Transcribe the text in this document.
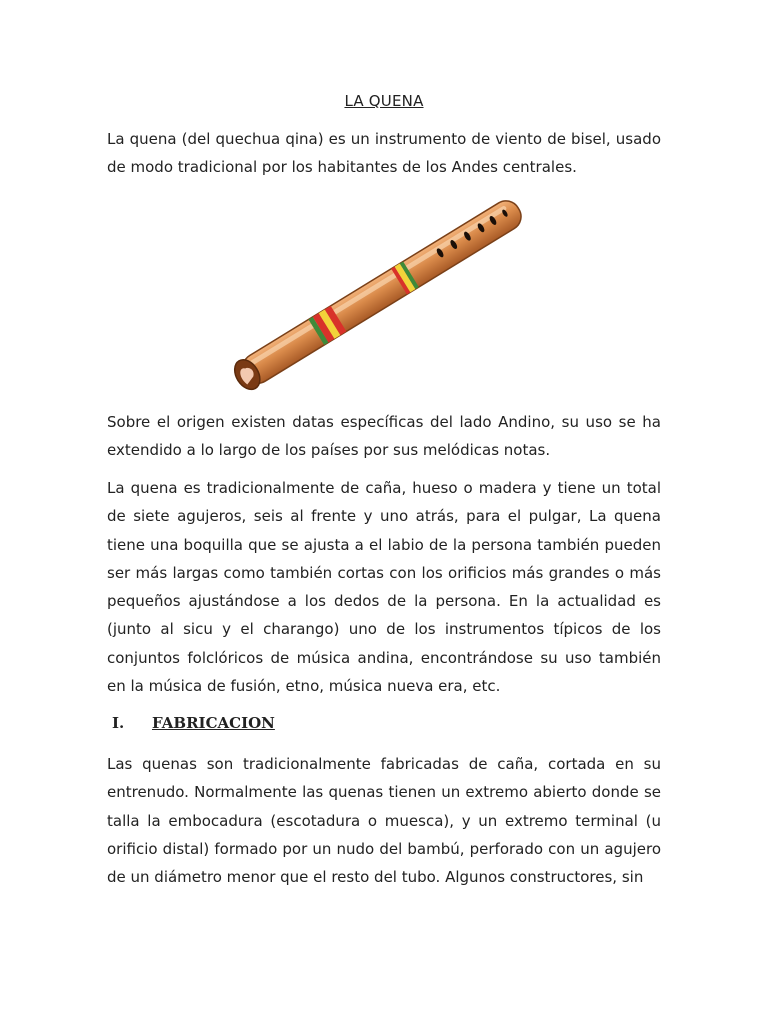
LA QUENA

La quena (del quechua qina) es un instrumento de viento de bisel, usado de modo tradicional por los habitantes de los Andes centrales.

Sobre el origen existen datas específicas del lado Andino, su uso se ha extendido a lo largo de los países por sus melódicas notas.

La quena es tradicionalmente de caña, hueso o madera y tiene un total de siete agujeros, seis al frente y uno atrás, para el pulgar, La quena tiene una boquilla que se ajusta a el labio de la persona también pueden ser más largas como también cortas con los orificios más grandes o más pequeños ajustándose a los dedos de la persona. En la actualidad es (junto al sicu y el charango) uno de los instrumentos típicos de los conjuntos folclóricos de música andina, encontrándose su uso también en la música de fusión, etno, música nueva era, etc.

I. FABRICACION

Las quenas son tradicionalmente fabricadas de caña, cortada en su entrenudo. Normalmente las quenas tienen un extremo abierto donde se talla la embocadura (escotadura o muesca), y un extremo terminal (u orificio distal) formado por un nudo del bambú, perforado con un agujero de un diámetro menor que el resto del tubo. Algunos constructores, sin
